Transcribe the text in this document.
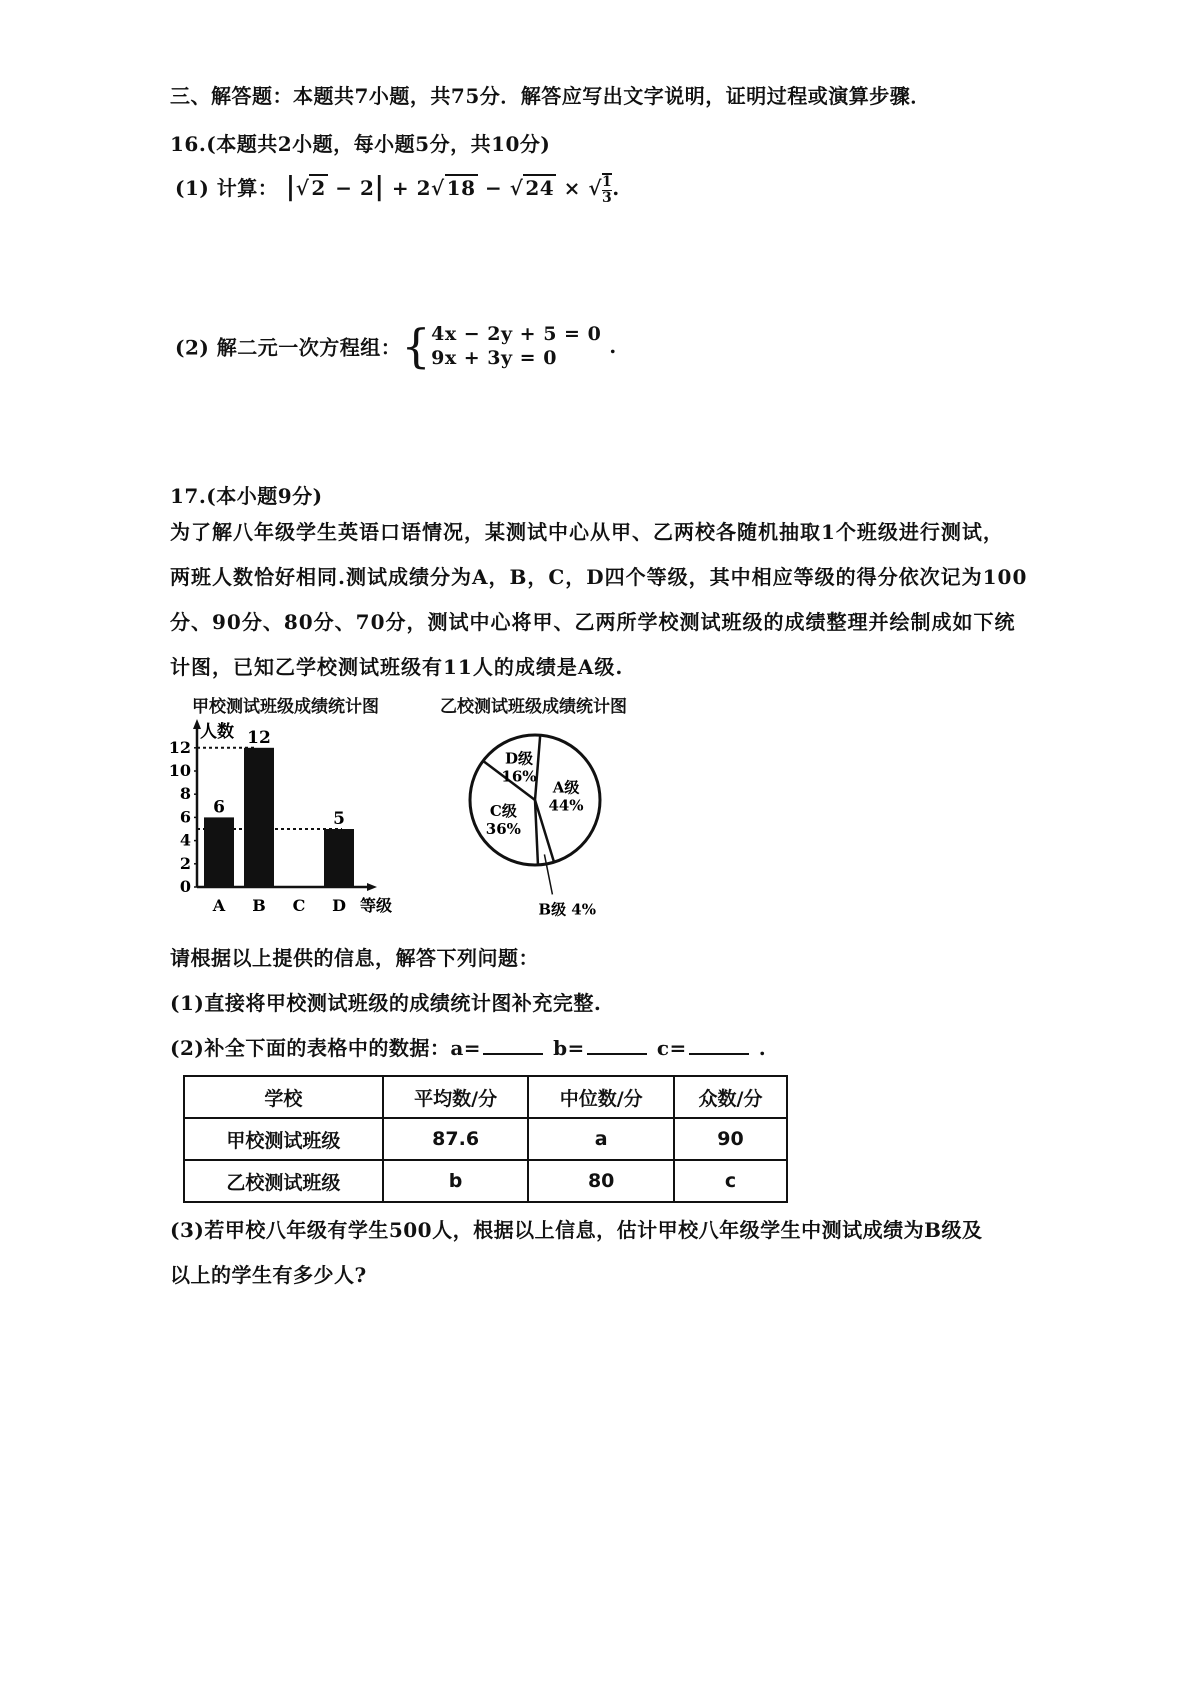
三、解答题：本题共7小题，共75分．解答应写出文字说明，证明过程或演算步骤．
16.(本题共2小题，每小题5分，共10分)
(1) 计算： |√ 2 − 2| + 2√ 18 − √ 24 × √ $\frac{1}{3}$ .
(2) 解二元一次方程组：{ 4x − 2y + 5 = 0
9x + 3y = 0	.
17.(本小题9分)
为了解八年级学生英语口语情况，某测试中心从甲、乙两校各随机抽取1个班级进行测试，
两班人数恰好相同.测试成绩分为A，B，C，D四个等级，其中相应等级的得分依次记为100
分、90分、80分、70分，测试中心将甲、乙两所学校测试班级的成绩整理并绘制成如下统
计图，已知乙学校测试班级有11人的成绩是A级.
甲校测试班级成绩统计图	乙校测试班级成绩统计图
人数
等级
0
2
4
6
8
10
12
A
6
B
12
C D
5
A级
44%
C级
36%
D级
16%
B级 4%
请根据以上提供的信息，解答下列问题：
(1)直接将甲校测试班级的成绩统计图补充完整.
(2)补全下面的表格中的数据：a=	b=	c=	.
学校	平均数/分	中位数/分	众数/分
甲校测试班级	87.6	a	90
乙校测试班级	b	80	c
(3)若甲校八年级有学生500人，根据以上信息，估计甲校八年级学生中测试成绩为B级及
以上的学生有多少人?
